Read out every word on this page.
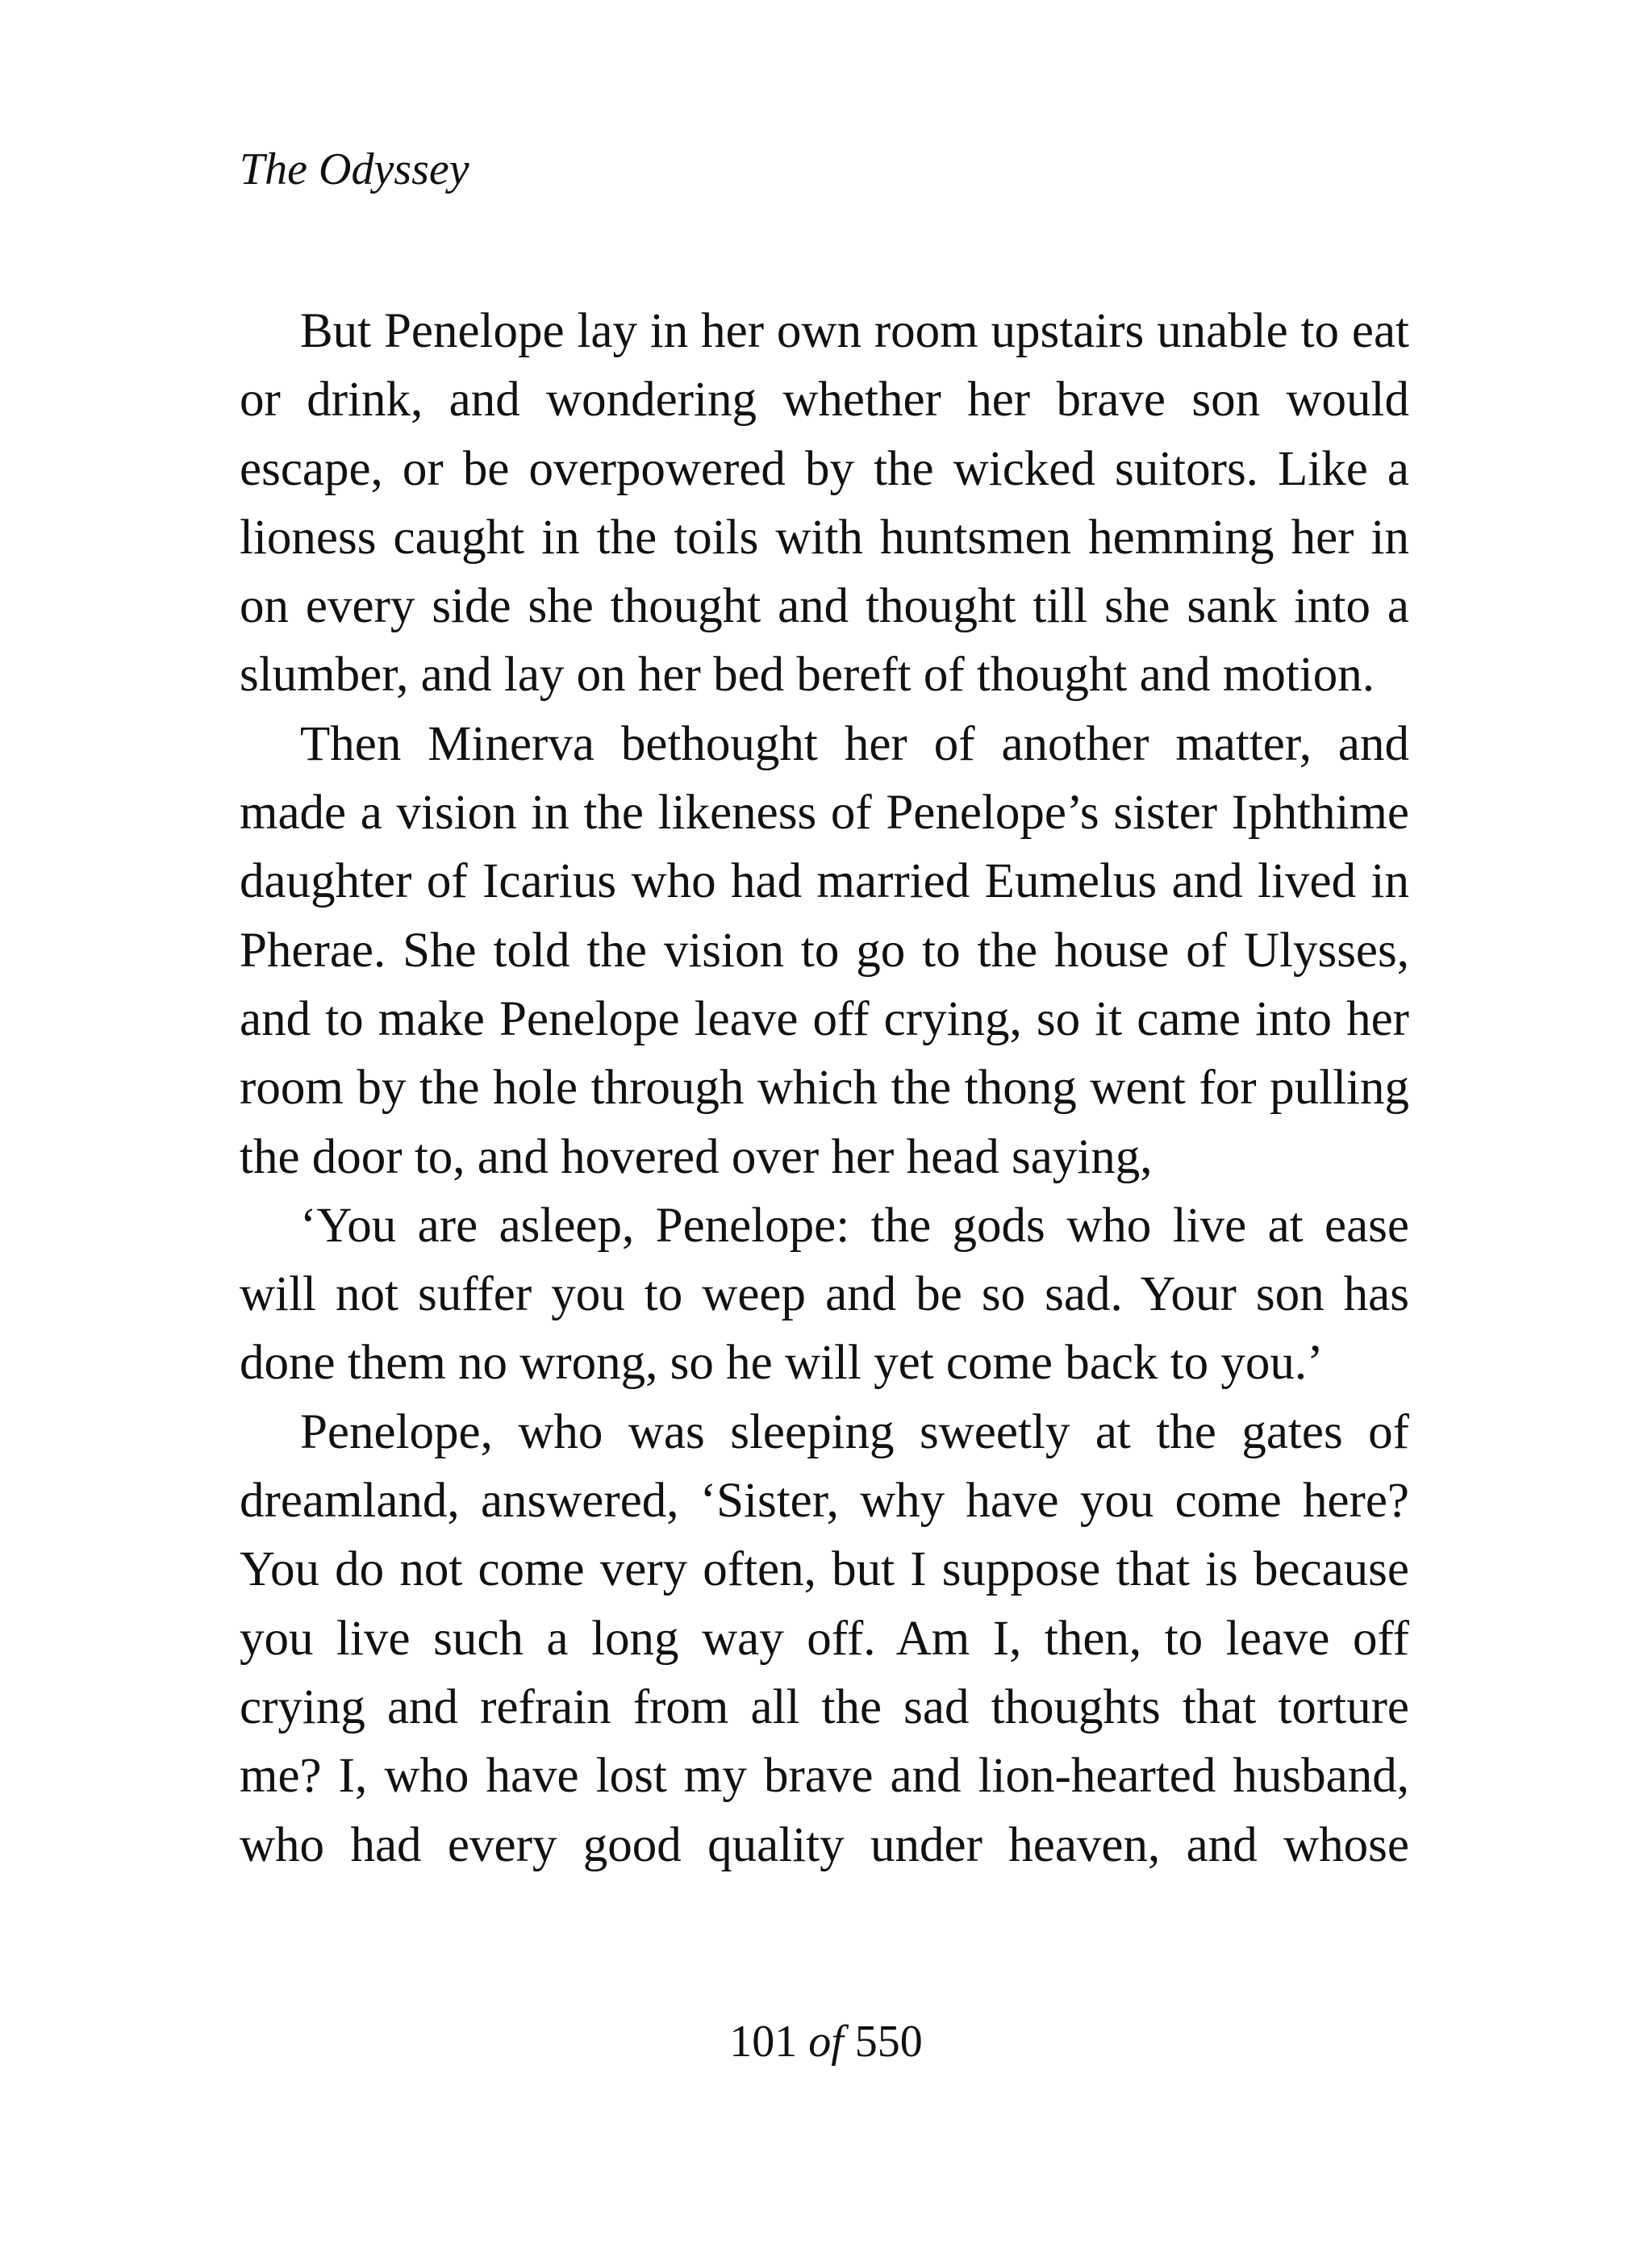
The Odyssey

But Penelope lay in her own room upstairs unable to eat or drink, and wondering whether her brave son would escape, or be overpowered by the wicked suitors. Like a lioness caught in the toils with huntsmen hemming her in on every side she thought and thought till she sank into a slumber, and lay on her bed bereft of thought and motion.

Then Minerva bethought her of another matter, and made a vision in the likeness of Penelope’s sister Iphthime daughter of Icarius who had married Eumelus and lived in Pherae. She told the vision to go to the house of Ulysses, and to make Penelope leave off crying, so it came into her room by the hole through which the thong went for pulling the door to, and hovered over her head saying,

‘You are asleep, Penelope: the gods who live at ease will not suffer you to weep and be so sad. Your son has done them no wrong, so he will yet come back to you.’

Penelope, who was sleeping sweetly at the gates of dreamland, answered, ‘Sister, why have you come here? You do not come very often, but I suppose that is because you live such a long way off. Am I, then, to leave off crying and refrain from all the sad thoughts that torture me? I, who have lost my brave and lion-hearted husband, who had every good quality under heaven, and whose

101 of 550
